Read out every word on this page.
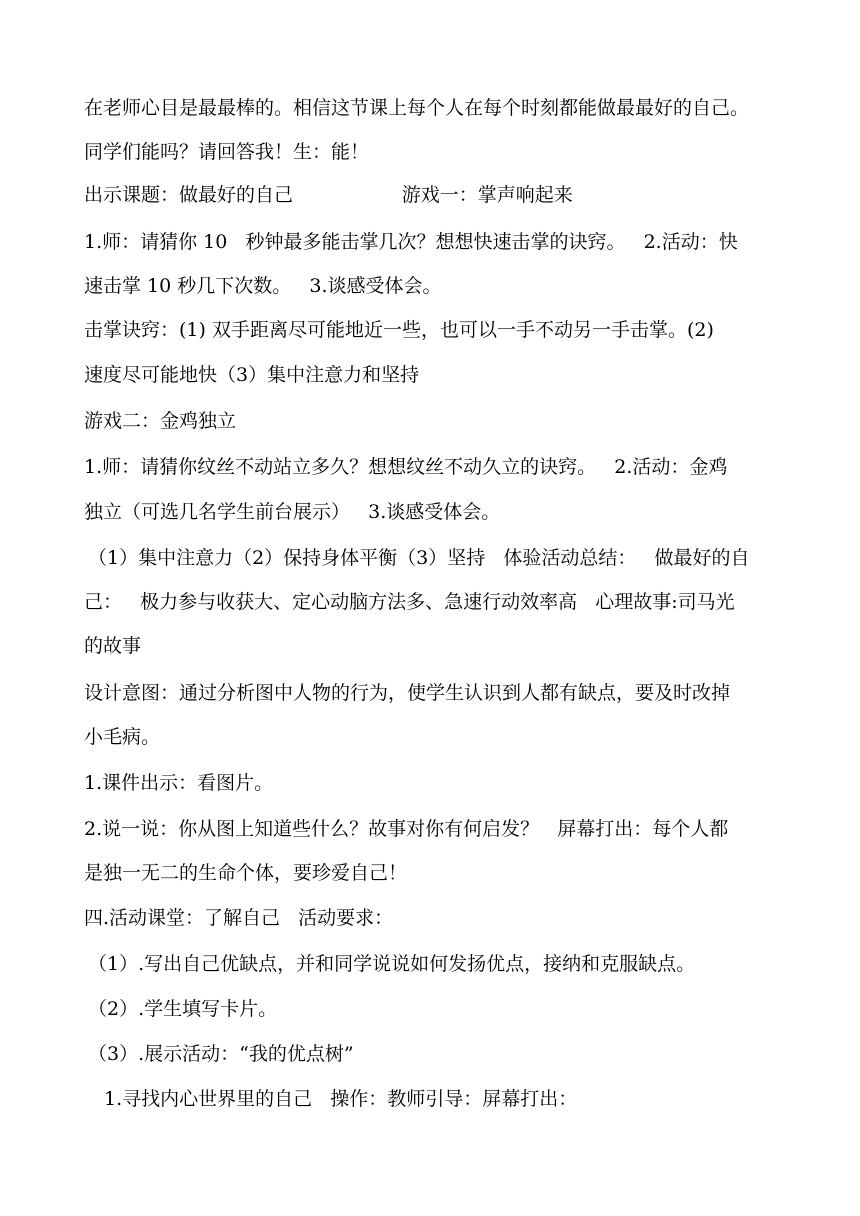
在老师心目是最最棒的。相信这节课上每个人在每个时刻都能做最最好的自己。
同学们能吗？请回答我！生：能！
出示课题：做最好的自己                  游戏一：掌声响起来
1.师：请猜你 10   秒钟最多能击掌几次？想想快速击掌的诀窍。   2.活动：快
速击掌 10 秒几下次数。   3.谈感受体会。
击掌诀窍：(1) 双手距离尽可能地近一些，也可以一手不动另一手击掌。(2)
速度尽可能地快（3）集中注意力和坚持
游戏二：金鸡独立
1.师：请猜你纹丝不动站立多久？想想纹丝不动久立的诀窍。   2.活动：金鸡
独立（可选几名学生前台展示）   3.谈感受体会。
（1）集中注意力（2）保持身体平衡（3）坚持   体验活动总结：   做最好的自
己：   极力参与收获大、定心动脑方法多、急速行动效率高   心理故事:司马光
的故事
设计意图：通过分析图中人物的行为，使学生认识到人都有缺点，要及时改掉
小毛病。
1.课件出示：看图片。
2.说一说：你从图上知道些什么？故事对你有何启发？   屏幕打出：每个人都
是独一无二的生命个体，要珍爱自己！
四.活动课堂：了解自己   活动要求：
（1）.写出自己优缺点，并和同学说说如何发扬优点，接纳和克服缺点。
（2）.学生填写卡片。
（3）.展示活动：“我的优点树”
1.寻找内心世界里的自己   操作：教师引导：屏幕打出：
